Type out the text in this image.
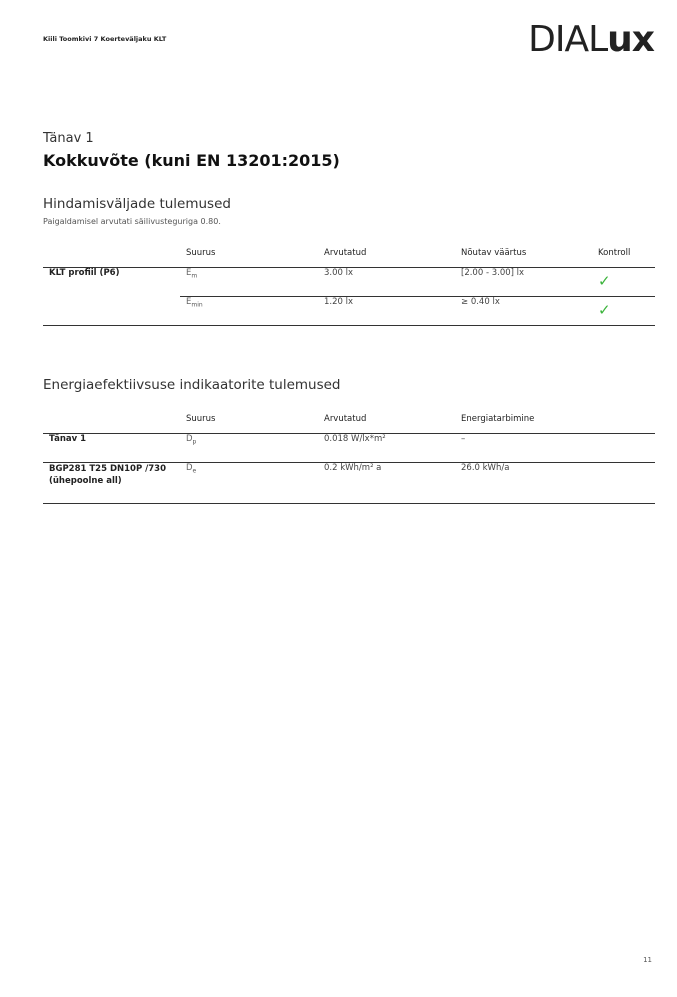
Kiili Toomkivi 7 Koerteväljaku KLT	DIALux
Tänav 1
Kokkuvõte (kuni EN 13201:2015)
Hindamisväljade tulemused
Paigaldamisel arvutati säilivusteguriga 0.80.
	Suurus	Arvutatud	Nõutav väärtus	Kontroll
KLT profiil (P6)	$E_m$	3.00 lx	[2.00 - 3.00] lx	✓
	$E_{min}$	1.20 lx	≥ 0.40 lx	✓
Energiaefektiivsuse indikaatorite tulemused
	Suurus	Arvutatud	Energiatarbimine	
Tänav 1	$D_p$	0.018 W/lx*m²	–	
BGP281 T25 DN10P /730 (ühepoolne all)	$D_e$	0.2 kWh/m² a	26.0 kWh/a	
11
